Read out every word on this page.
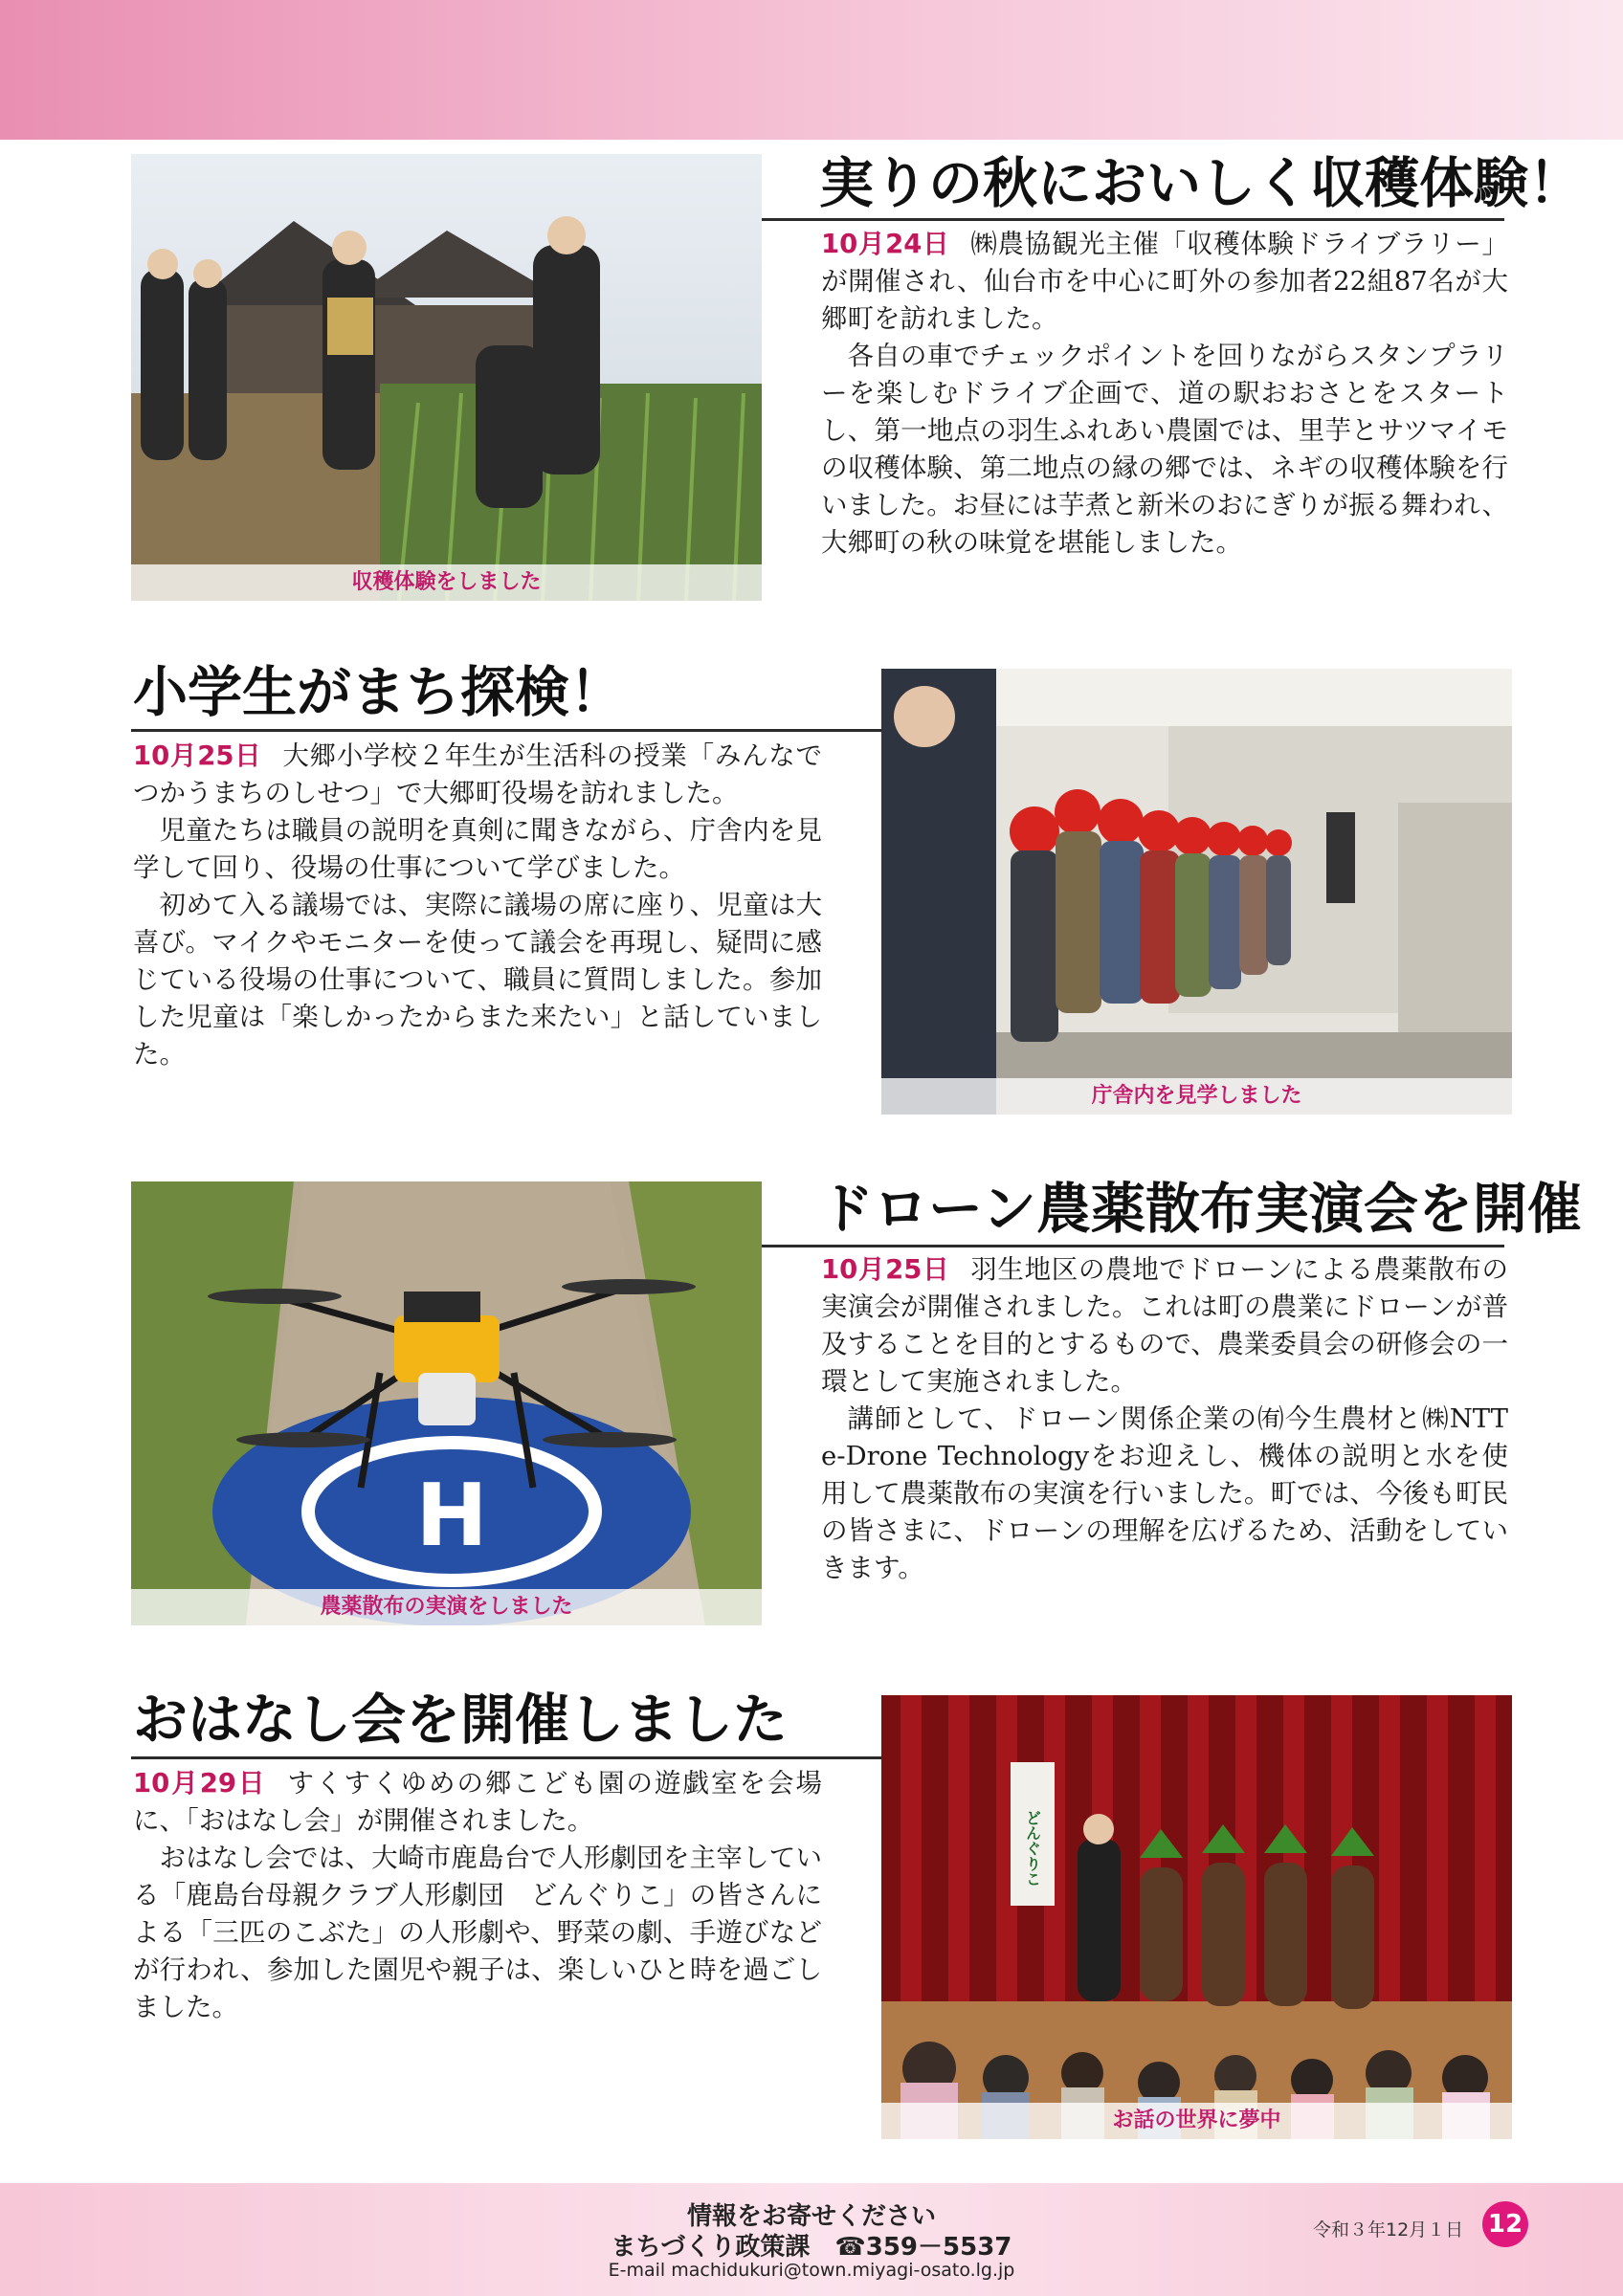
収穫体験をしました
実りの秋においしく収穫体験！

10月24日 ㈱農協観光主催「収穫体験ドライブラリー」が開催され、仙台市を中心に町外の参加者22組87名が大郷町を訪れました。

各自の車でチェックポイントを回りながらスタンプラリーを楽しむドライブ企画で、道の駅おおさとをスタートし、第一地点の羽生ふれあい農園では、里芋とサツマイモの収穫体験、第二地点の縁の郷では、ネギの収穫体験を行いました。お昼には芋煮と新米のおにぎりが振る舞われ、大郷町の秋の味覚を堪能しました。

小学生がまち探検！

10月25日 大郷小学校２年生が生活科の授業「みんなでつかうまちのしせつ」で大郷町役場を訪れました。

児童たちは職員の説明を真剣に聞きながら、庁舎内を見学して回り、役場の仕事について学びました。

初めて入る議場では、実際に議場の席に座り、児童は大喜び。マイクやモニターを使って議会を再現し、疑問に感じている役場の仕事について、職員に質問しました。参加した児童は「楽しかったからまた来たい」と話していました。

庁舎内を見学しました
H
農薬散布の実演をしました
ドローン農薬散布実演会を開催

10月25日 羽生地区の農地でドローンによる農薬散布の実演会が開催されました。これは町の農業にドローンが普及することを目的とするもので、農業委員会の研修会の一環として実施されました。

講師として、ドローン関係企業の㈲今生農材と㈱NTT e-Drone Technologyをお迎えし、機体の説明と水を使用して農薬散布の実演を行いました。町では、今後も町民の皆さまに、ドローンの理解を広げるため、活動をしていきます。

おはなし会を開催しました

10月29日 すくすくゆめの郷こども園の遊戯室を会場に、「おはなし会」が開催されました。

おはなし会では、大崎市鹿島台で人形劇団を主宰している「鹿島台母親クラブ人形劇団　どんぐりこ」の皆さんによる「三匹のこぶた」の人形劇や、野菜の劇、手遊びなどが行われ、参加した園児や親子は、楽しいひと時を過ごしました。

どんぐりこ
お話の世界に夢中
情報をお寄せください
まちづくり政策課　☎359－5537
E-mail machidukuri@town.miyagi-osato.lg.jp
令和３年12月１日 12
